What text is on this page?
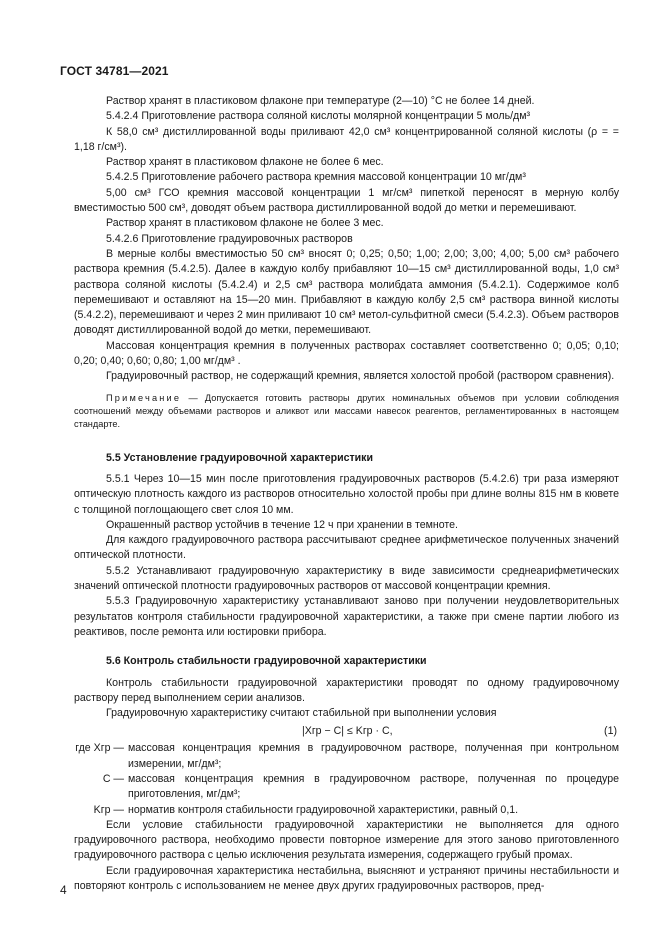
ГОСТ 34781—2021

Раствор хранят в пластиковом флаконе при температуре (2—10) °С не более 14 дней.

5.4.2.4 Приготовление раствора соляной кислоты молярной концентрации 5 моль/дм³

К 58,0 см³ дистиллированной воды приливают 42,0 см³ концентрированной соляной кислоты (ρ = = 1,18 г/см³).

Раствор хранят в пластиковом флаконе не более 6 мес.

5.4.2.5 Приготовление рабочего раствора кремния массовой концентрации 10 мг/дм³

5,00 см³ ГСО кремния массовой концентрации 1 мг/см³ пипеткой переносят в мерную колбу вместимостью 500 см³, доводят объем раствора дистиллированной водой до метки и перемешивают.

Раствор хранят в пластиковом флаконе не более 3 мес.

5.4.2.6 Приготовление градуировочных растворов

В мерные колбы вместимостью 50 см³ вносят 0; 0,25; 0,50; 1,00; 2,00; 3,00; 4,00; 5,00 см³ рабочего раствора кремния (5.4.2.5). Далее в каждую колбу прибавляют 10—15 см³ дистиллированной воды, 1,0 см³ раствора соляной кислоты (5.4.2.4) и 2,5 см³ раствора молибдата аммония (5.4.2.1). Содержимое колб перемешивают и оставляют на 15—20 мин. Прибавляют в каждую колбу 2,5 см³ раствора винной кислоты (5.4.2.2), перемешивают и через 2 мин приливают 10 см³ метол-сульфитной смеси (5.4.2.3). Объем растворов доводят дистиллированной водой до метки, перемешивают.

Массовая концентрация кремния в полученных растворах составляет соответственно 0; 0,05; 0,10; 0,20; 0,40; 0,60; 0,80; 1,00 мг/дм³ .

Градуировочный раствор, не содержащий кремния, является холостой пробой (раствором сравнения).

Примечание — Допускается готовить растворы других номинальных объемов при условии соблюдения соотношений между объемами растворов и аликвот или массами навесок реагентов, регламентированных в настоящем стандарте.

5.5 Установление градуировочной характеристики

5.5.1 Через 10—15 мин после приготовления градуировочных растворов (5.4.2.6) три раза измеряют оптическую плотность каждого из растворов относительно холостой пробы при длине волны 815 нм в кювете с толщиной поглощающего свет слоя 10 мм.

Окрашенный раствор устойчив в течение 12 ч при хранении в темноте.

Для каждого градуировочного раствора рассчитывают среднее арифметическое полученных значений оптической плотности.

5.5.2 Устанавливают градуировочную характеристику в виде зависимости среднеарифметических значений оптической плотности градуировочных растворов от массовой концентрации кремния.

5.5.3 Градуировочную характеристику устанавливают заново при получении неудовлетворительных результатов контроля стабильности градуировочной характеристики, а также при смене партии любого из реактивов, после ремонта или юстировки прибора.

5.6 Контроль стабильности градуировочной характеристики

Контроль стабильности градуировочной характеристики проводят по одному градуировочному раствору перед выполнением серии анализов.

Градуировочную характеристику считают стабильной при выполнении условия

|Xгр − C| ≤ Kгр · C,	(1)
где Xгр — массовая концентрация кремния в градуировочном растворе, полученная при контрольном измерении, мг/дм³;
C — массовая концентрация кремния в градуировочном растворе, полученная по процедуре приготовления, мг/дм³;
Kгр — норматив контроля стабильности градуировочной характеристики, равный 0,1.

Если условие стабильности градуировочной характеристики не выполняется для одного градуировочного раствора, необходимо провести повторное измерение для этого заново приготовленного градуировочного раствора с целью исключения результата измерения, содержащего грубый промах.

Если градуировочная характеристика нестабильна, выясняют и устраняют причины нестабильности и повторяют контроль с использованием не менее двух других градуировочных растворов, пред-

4
